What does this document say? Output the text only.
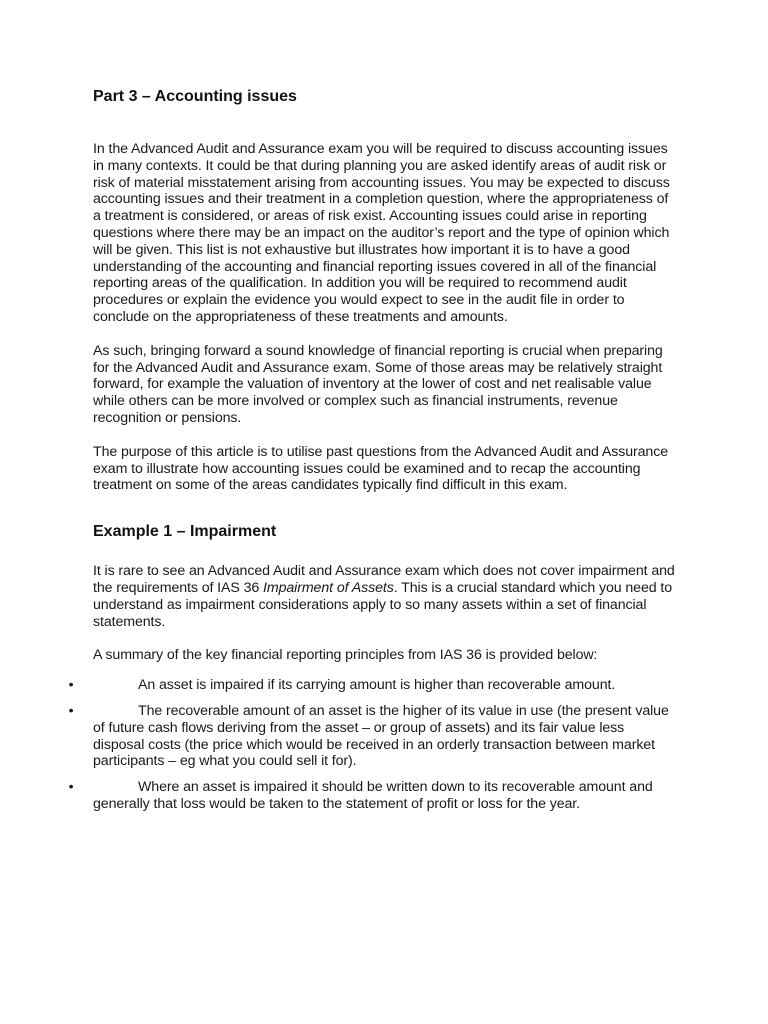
Part 3 – Accounting issues

In the Advanced Audit and Assurance exam you will be required to discuss accounting issues in many contexts. It could be that during planning you are asked identify areas of audit risk or risk of material misstatement arising from accounting issues. You may be expected to discuss accounting issues and their treatment in a completion question, where the appropriateness of a treatment is considered, or areas of risk exist. Accounting issues could arise in reporting questions where there may be an impact on the auditor’s report and the type of opinion which will be given. This list is not exhaustive but illustrates how important it is to have a good understanding of the accounting and financial reporting issues covered in all of the financial reporting areas of the qualification. In addition you will be required to recommend audit procedures or explain the evidence you would expect to see in the audit file in order to conclude on the appropriateness of these treatments and amounts.

As such, bringing forward a sound knowledge of financial reporting is crucial when preparing for the Advanced Audit and Assurance exam. Some of those areas may be relatively straight forward, for example the valuation of inventory at the lower of cost and net realisable value while others can be more involved or complex such as financial instruments, revenue recognition or pensions.

The purpose of this article is to utilise past questions from the Advanced Audit and Assurance exam to illustrate how accounting issues could be examined and to recap the accounting treatment on some of the areas candidates typically find difficult in this exam.

Example 1 – Impairment

It is rare to see an Advanced Audit and Assurance exam which does not cover impairment and the requirements of IAS 36 Impairment of Assets. This is a crucial standard which you need to understand as impairment considerations apply to so many assets within a set of financial statements.

A summary of the key financial reporting principles from IAS 36 is provided below:

•	An asset is impaired if its carrying amount is higher than recoverable amount.
•	The recoverable amount of an asset is the higher of its value in use (the present value of future cash flows deriving from the asset – or group of assets) and its fair value less disposal costs (the price which would be received in an orderly transaction between market participants – eg what you could sell it for).
•	Where an asset is impaired it should be written down to its recoverable amount and generally that loss would be taken to the statement of profit or loss for the year.
